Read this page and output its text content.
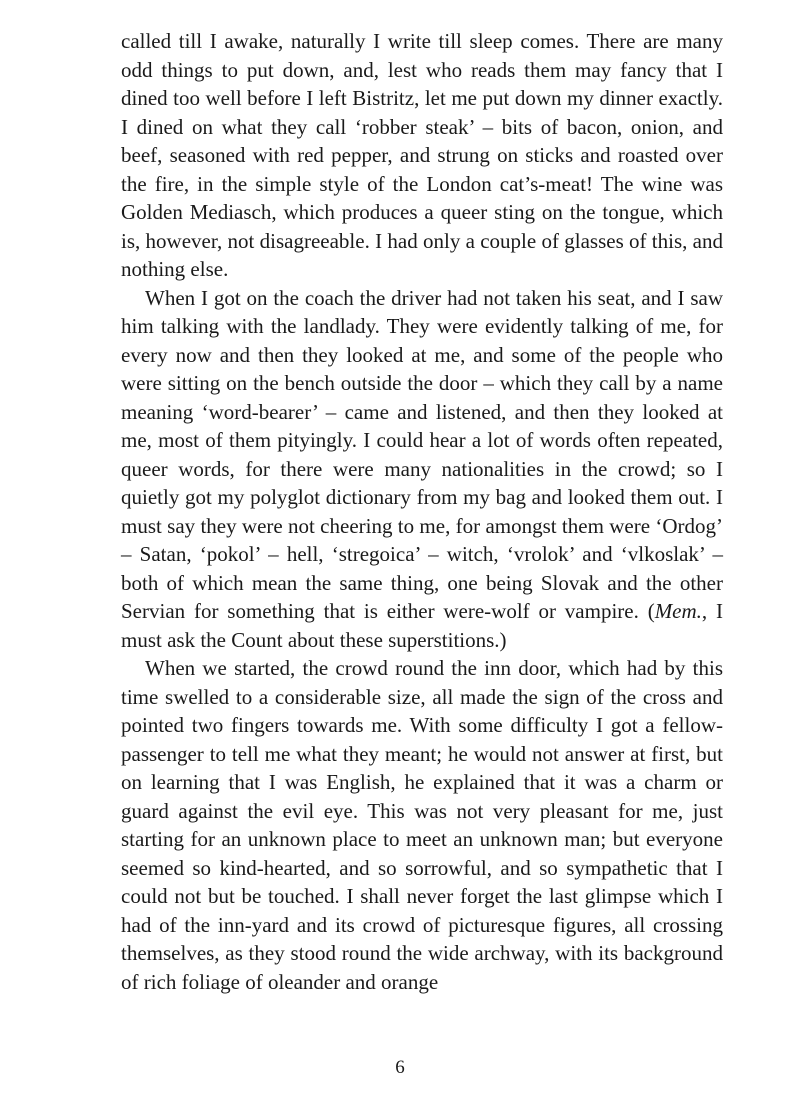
called till I awake, naturally I write till sleep comes. There are many odd things to put down, and, lest who reads them may fancy that I dined too well before I left Bistritz, let me put down my dinner exactly. I dined on what they call ‘robber steak’ – bits of bacon, onion, and beef, seasoned with red pepper, and strung on sticks and roasted over the fire, in the simple style of the London cat’s-meat! The wine was Golden Mediasch, which produces a queer sting on the tongue, which is, however, not disagreeable. I had only a couple of glasses of this, and nothing else.

When I got on the coach the driver had not taken his seat, and I saw him talking with the landlady. They were evidently talking of me, for every now and then they looked at me, and some of the people who were sitting on the bench outside the door – which they call by a name meaning ‘word-bearer’ – came and listened, and then they looked at me, most of them pityingly. I could hear a lot of words often repeated, queer words, for there were many nationalities in the crowd; so I quietly got my polyglot dictionary from my bag and looked them out. I must say they were not cheering to me, for amongst them were ‘Ordog’ – Satan, ‘pokol’ – hell, ‘stregoica’ – witch, ‘vrolok’ and ‘vlkoslak’ – both of which mean the same thing, one being Slovak and the other Servian for something that is either were-wolf or vampire. (Mem., I must ask the Count about these superstitions.)

When we started, the crowd round the inn door, which had by this time swelled to a considerable size, all made the sign of the cross and pointed two fingers towards me. With some difficulty I got a fellow-passenger to tell me what they meant; he would not answer at first, but on learning that I was English, he explained that it was a charm or guard against the evil eye. This was not very pleasant for me, just starting for an unknown place to meet an unknown man; but everyone seemed so kind-hearted, and so sorrowful, and so sympathetic that I could not but be touched. I shall never forget the last glimpse which I had of the inn-yard and its crowd of picturesque figures, all crossing themselves, as they stood round the wide archway, with its background of rich foliage of oleander and orange

6
